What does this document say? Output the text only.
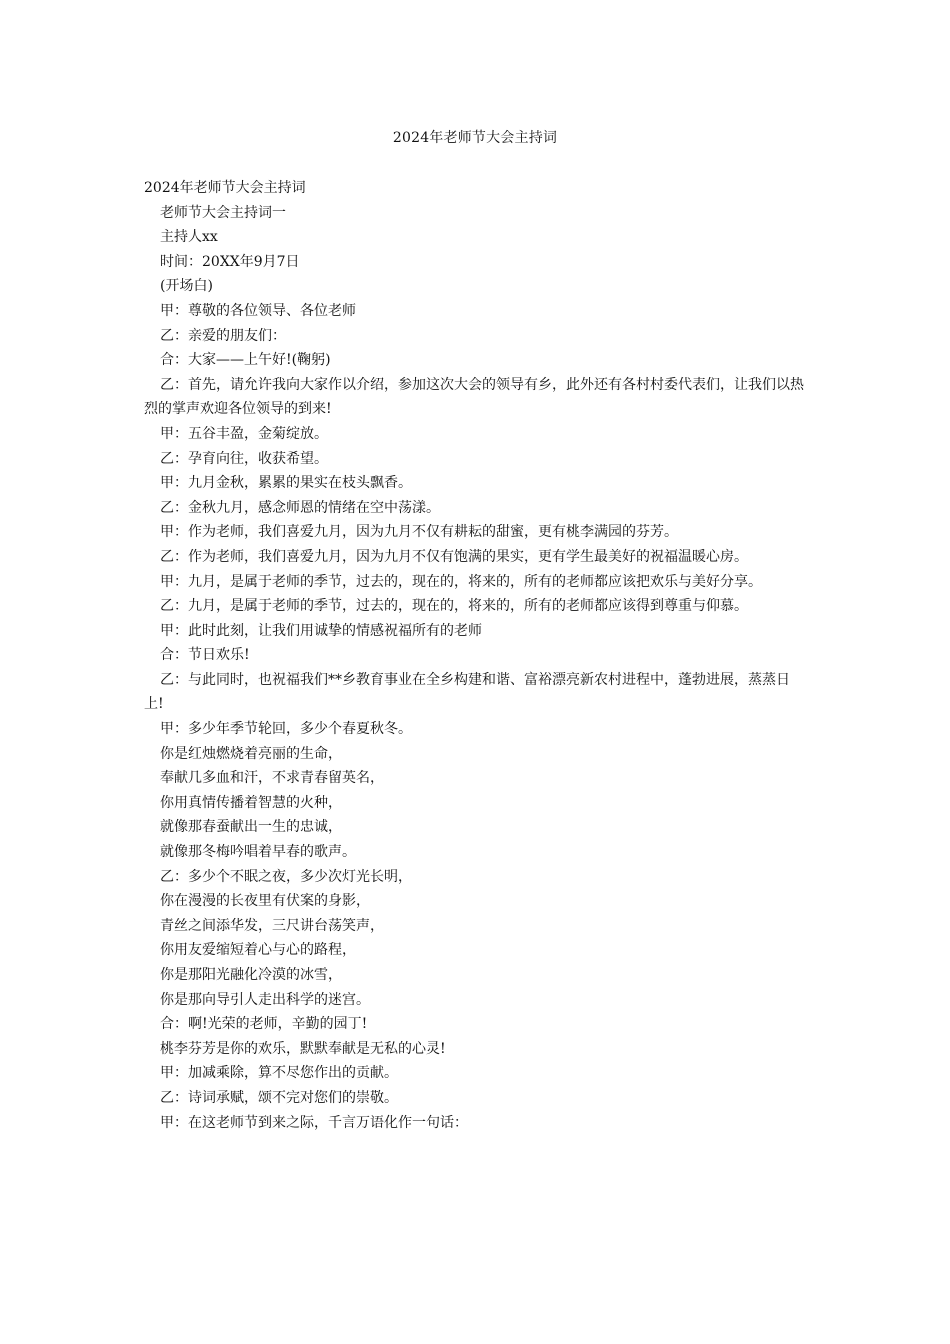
2024年老师节大会主持词

2024年老师节大会主持词

老师节大会主持词一

主持人xx

时间：20XX年9月7日

(开场白)

甲：尊敬的各位领导、各位老师

乙：亲爱的朋友们：

合：大家——上午好!(鞠躬)

乙：首先，请允许我向大家作以介绍，参加这次大会的领导有乡，此外还有各村村委代表们，让我们以热烈的掌声欢迎各位领导的到来!

甲：五谷丰盈，金菊绽放。

乙：孕育向往，收获希望。

甲：九月金秋，累累的果实在枝头飘香。

乙：金秋九月，感念师恩的情绪在空中荡漾。

甲：作为老师，我们喜爱九月，因为九月不仅有耕耘的甜蜜，更有桃李满园的芬芳。

乙：作为老师，我们喜爱九月，因为九月不仅有饱满的果实，更有学生最美好的祝福温暖心房。

甲：九月，是属于老师的季节，过去的，现在的，将来的，所有的老师都应该把欢乐与美好分享。

乙：九月，是属于老师的季节，过去的，现在的，将来的，所有的老师都应该得到尊重与仰慕。

甲：此时此刻，让我们用诚挚的情感祝福所有的老师

合：节日欢乐!

乙：与此同时，也祝福我们**乡教育事业在全乡构建和谐、富裕漂亮新农村进程中，蓬勃进展，蒸蒸日上!

甲：多少年季节轮回，多少个春夏秋冬。

你是红烛燃烧着亮丽的生命，

奉献几多血和汗，不求青春留英名，

你用真情传播着智慧的火种，

就像那春蚕献出一生的忠诚，

就像那冬梅吟唱着早春的歌声。

乙：多少个不眠之夜，多少次灯光长明，

你在漫漫的长夜里有伏案的身影，

青丝之间添华发，三尺讲台荡笑声，

你用友爱缩短着心与心的路程，

你是那阳光融化冷漠的冰雪，

你是那向导引人走出科学的迷宫。

合：啊!光荣的老师，辛勤的园丁!

桃李芬芳是你的欢乐，默默奉献是无私的心灵!

甲：加减乘除，算不尽您作出的贡献。

乙：诗词承赋，颂不完对您们的崇敬。

甲：在这老师节到来之际，千言万语化作一句话：
